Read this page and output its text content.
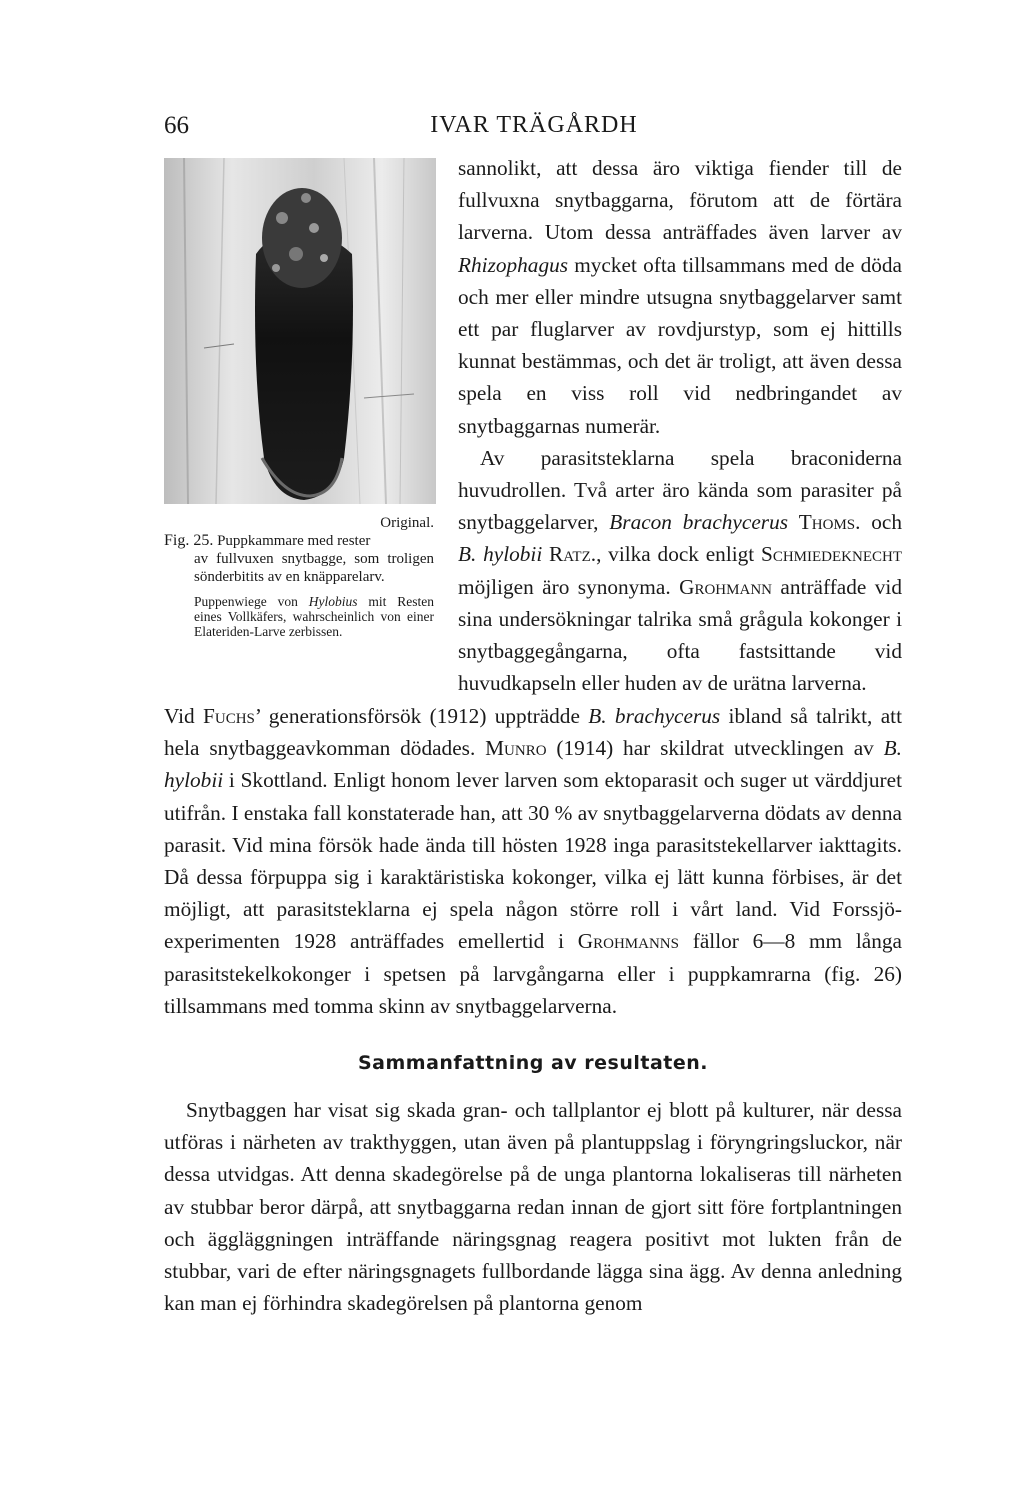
66	IVAR TRÄGÅRDH
Original.

Fig. 25. Puppkammare med rester
av fullvuxen snytbagge, som troligen sönderbitits av en knäpparelarv.

Puppenwiege von Hylobius mit Resten eines Vollkäfers, wahrscheinlich von einer Elateriden-Larve zerbissen.

sannolikt, att dessa äro viktiga fiender till de fullvuxna snytbaggarna, förutom att de förtära larverna. Utom dessa anträffades även larver av Rhizophagus mycket ofta tillsammans med de döda och mer eller mindre utsugna snytbaggelarver samt ett par fluglarver av rovdjurstyp, som ej hittills kunnat bestämmas, och det är troligt, att även dessa spela en viss roll vid nedbringandet av snytbaggarnas numerär.

Av parasitsteklarna spela braconiderna huvudrollen. Två arter äro kända som parasiter på snytbaggelarver, Bracon brachycerus Thoms. och B. hylobii Ratz., vilka dock enligt Schmiedeknecht möjligen äro synonyma. Grohmann anträffade vid sina undersökningar talrika små grågula kokonger i snytbaggegångarna, ofta fastsittande vid huvudkapseln eller huden av de urätna larverna.

Vid Fuchs’ generationsförsök (1912) uppträdde B. brachycerus ibland så talrikt, att hela snytbaggeavkomman dödades. Munro (1914) har skildrat utvecklingen av B. hylobii i Skottland. Enligt honom lever larven som ektoparasit och suger ut värddjuret utifrån. I enstaka fall konstaterade han, att 30 % av snytbaggelarverna dödats av denna parasit. Vid mina försök hade ända till hösten 1928 inga parasitstekellarver iakttagits. Då dessa förpuppa sig i karaktäristiska kokonger, vilka ej lätt kunna förbises, är det möjligt, att parasitsteklarna ej spela någon större roll i vårt land. Vid Forssjö-experimenten 1928 anträffades emellertid i Grohmanns fällor 6—8 mm långa parasitstekelkokonger i spetsen på larvgångarna eller i puppkamrarna (fig. 26) tillsammans med tomma skinn av snytbaggelarverna.

Sammanfattning av resultaten.

Snytbaggen har visat sig skada gran- och tallplantor ej blott på kulturer, när dessa utföras i närheten av trakthyggen, utan även på plantuppslag i föryngringsluckor, när dessa utvidgas. Att denna skadegörelse på de unga plantorna lokaliseras till närheten av stubbar beror därpå, att snytbaggarna redan innan de gjort sitt före fortplantningen och äggläggningen inträffande näringsgnag reagera positivt mot lukten från de stubbar, vari de efter näringsgnagets fullbordande lägga sina ägg. Av denna anledning kan man ej förhindra skadegörelsen på plantorna genom
